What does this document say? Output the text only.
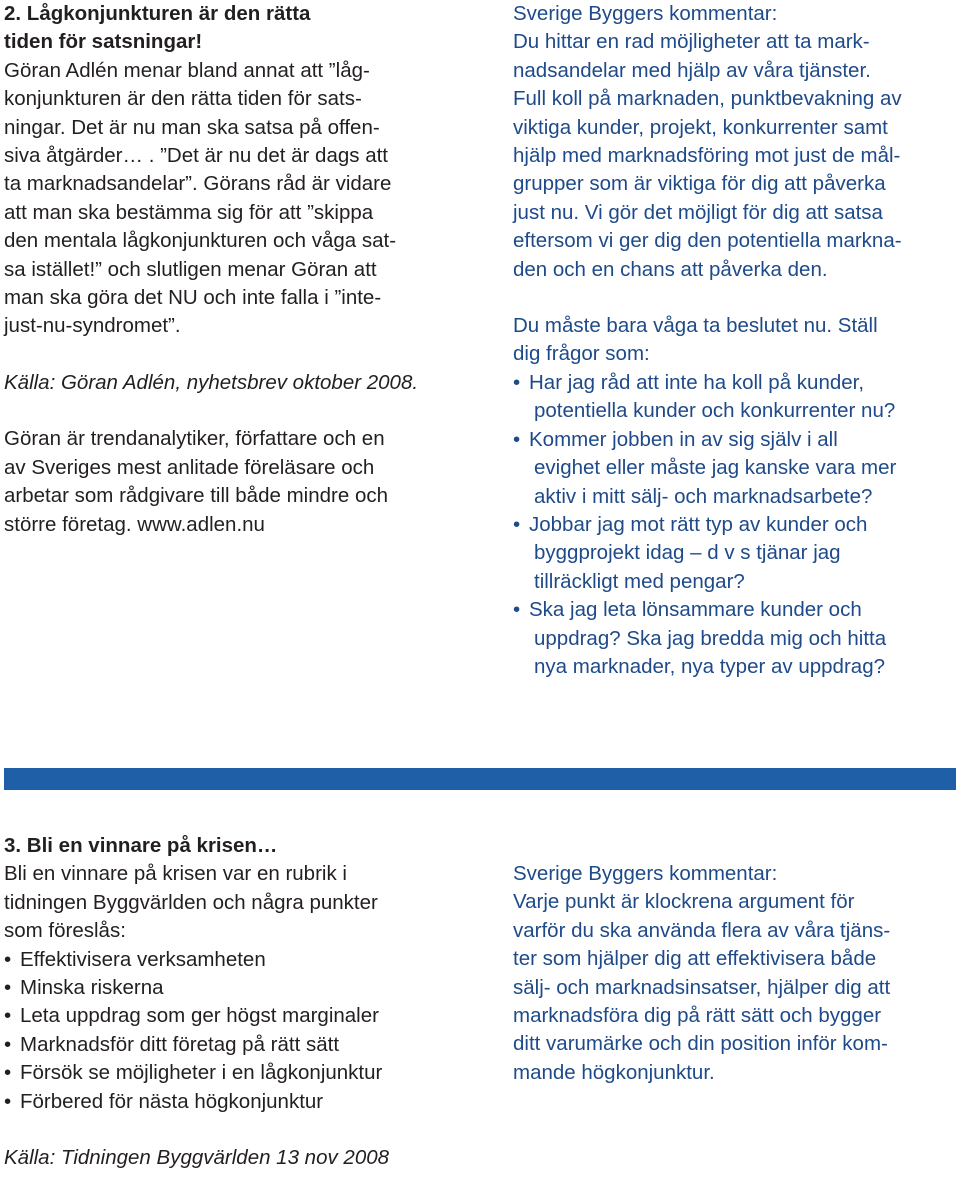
2. Lågkonjunkturen är den rätta

tiden för satsningar!

Göran Adlén menar bland annat att ”låg-

konjunkturen är den rätta tiden för sats-

ningar. Det är nu man ska satsa på offen-

siva åtgärder… . ”Det är nu det är dags att

ta marknadsandelar”. Görans råd är vidare

att man ska bestämma sig för att ”skippa

den mentala lågkonjunkturen och våga sat-

sa istället!” och slutligen menar Göran att

man ska göra det NU och inte falla i ”inte-

just-nu-syndromet”.

Källa: Göran Adlén, nyhetsbrev oktober 2008.

Göran är trendanalytiker, författare och en

av Sveriges mest anlitade föreläsare och

arbetar som rådgivare till både mindre och

större företag. www.adlen.nu

Sverige Byggers kommentar:

Du hittar en rad möjligheter att ta mark-

nadsandelar med hjälp av våra tjänster.

Full koll på marknaden, punktbevakning av

viktiga kunder, projekt, konkurrenter samt

hjälp med marknadsföring mot just de mål-

grupper som är viktiga för dig att påverka

just nu. Vi gör det möjligt för dig att satsa

eftersom vi ger dig den potentiella markna-

den och en chans att påverka den.

Du måste bara våga ta beslutet nu. Ställ

dig frågor som:

• Har jag råd att inte ha koll på kunder,

potentiella kunder och konkurrenter nu?

• Kommer jobben in av sig själv i all

evighet eller måste jag kanske vara mer

aktiv i mitt sälj- och marknadsarbete?

• Jobbar jag mot rätt typ av kunder och

byggprojekt idag – d v s tjänar jag

tillräckligt med pengar?

• Ska jag leta lönsammare kunder och

uppdrag? Ska jag bredda mig och hitta

nya marknader, nya typer av uppdrag?

3. Bli en vinnare på krisen…

Bli en vinnare på krisen var en rubrik i

tidningen Byggvärlden och några punkter

som föreslås:

• Effektivisera verksamheten
• Minska riskerna
• Leta uppdrag som ger högst marginaler
• Marknadsför ditt företag på rätt sätt
• Försök se möjligheter i en lågkonjunktur
• Förbered för nästa högkonjunktur

Källa: Tidningen Byggvärlden 13 nov 2008

Sverige Byggers kommentar:

Varje punkt är klockrena argument för

varför du ska använda flera av våra tjäns-

ter som hjälper dig att effektivisera både

sälj- och marknadsinsatser, hjälper dig att

marknadsföra dig på rätt sätt och bygger

ditt varumärke och din position inför kom-

mande högkonjunktur.
